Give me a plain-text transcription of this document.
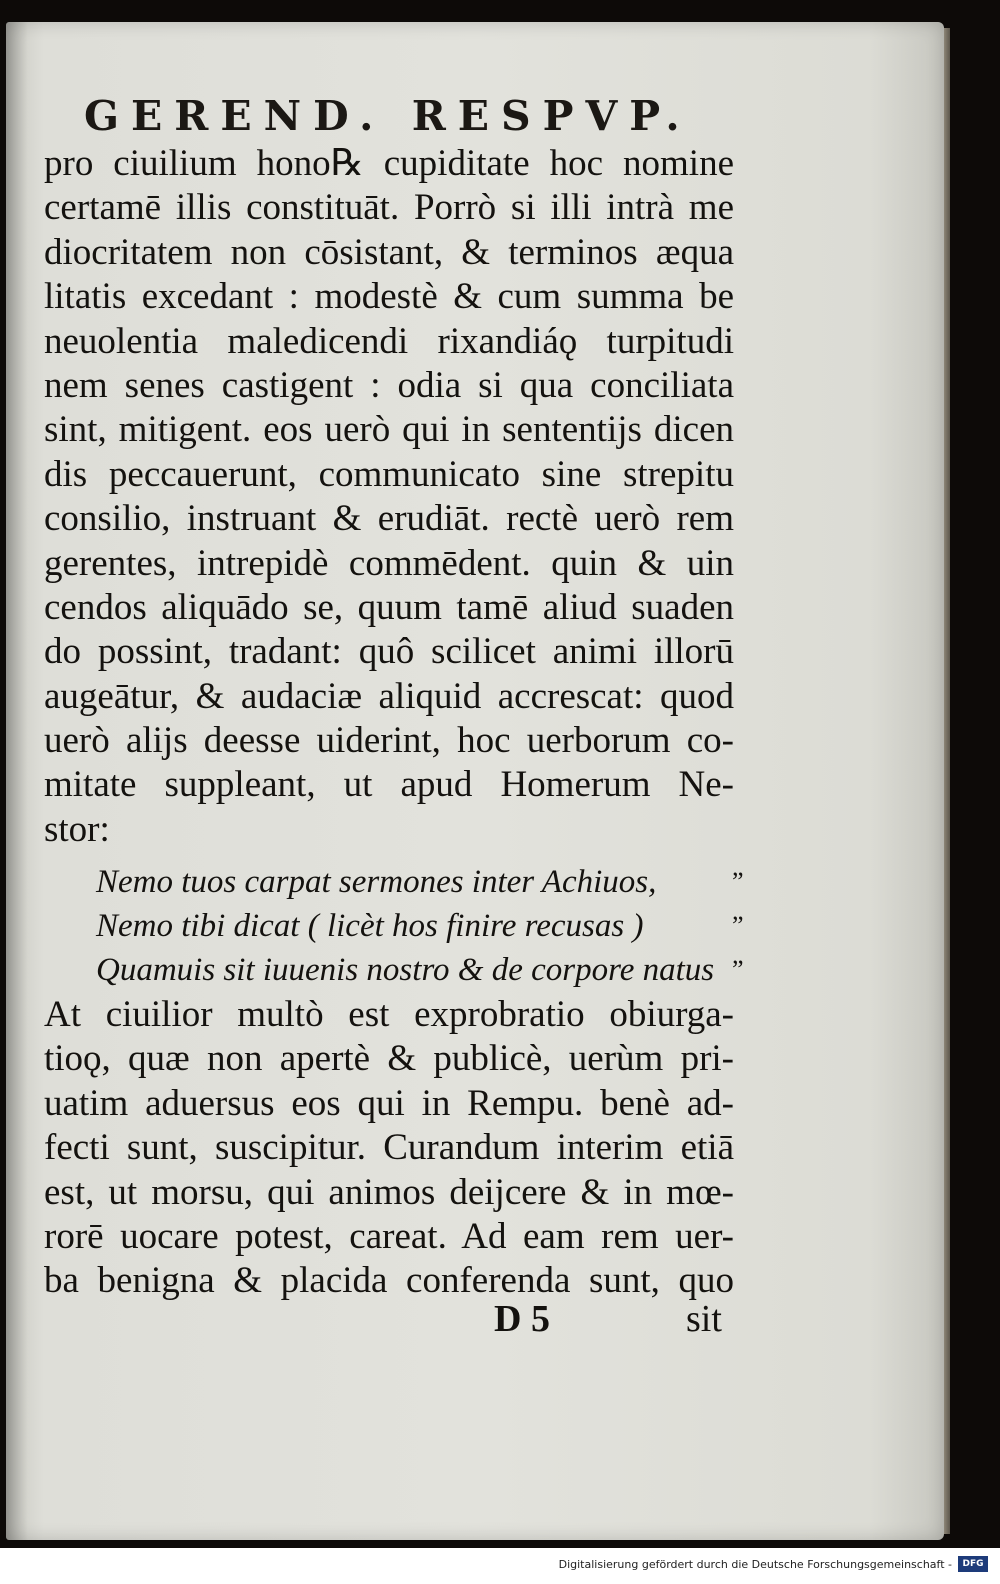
GEREND. RESPVP.
pro ciuilium hono℞ cupiditate hoc nomine
certamē illis constituāt. Porrò si illi intrà me
diocritatem non cōsistant, & terminos æqua
litatis excedant : modestè & cum summa be
neuolentia maledicendi rixandiáǫ turpitudi
nem senes castigent : odia si qua conciliata
sint, mitigent. eos uerò qui in sententijs dicen
dis peccauerunt, communicato sine strepitu
consilio, instruant & erudiāt. rectè uerò rem
gerentes, intrepidè commēdent. quin & uin
cendos aliquādo se, quum tamē aliud suaden
do possint, tradant: quô scilicet animi illorū
augeātur, & audaciæ aliquid accrescat: quod
uerò alijs deesse uiderint, hoc uerborum co-
mitate suppleant, ut apud Homerum Ne-
stor:
Nemo tuos carpat sermones inter Achiuos,	”
Nemo tibi dicat ( licèt hos finire recusas )	”
Quamuis sit iuuenis nostro & de corpore natus ”
At ciuilior multò est exprobratio obiurga-
tioǫ, quæ non apertè & publicè, uerùm pri-
uatim aduersus eos qui in Rempu. benè ad-
fecti sunt, suscipitur. Curandum interim etiā
est, ut morsu, qui animos deijcere & in mœ-
rorē uocare potest, careat. Ad eam rem uer-
ba benigna & placida conferenda sunt, quo
D 5	sit
Digitalisierung gefördert durch die Deutsche Forschungsgemeinschaft -	DFG
